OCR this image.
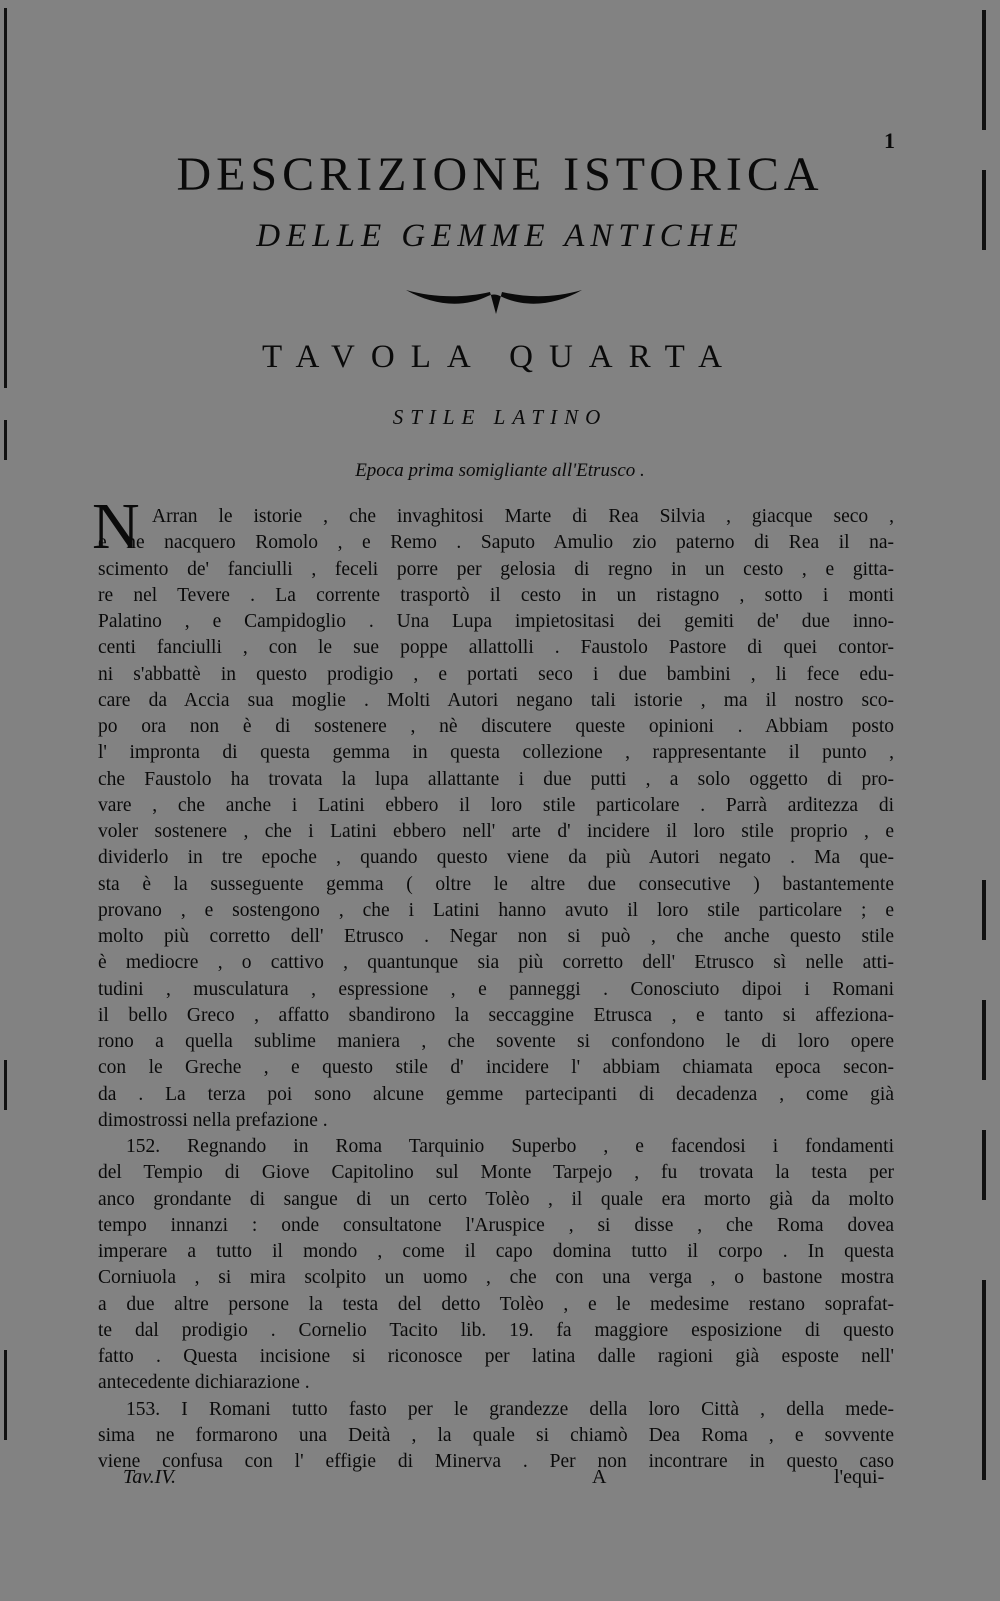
1
DESCRIZIONE ISTORICA
DELLE GEMME ANTICHE
TAVOLA QUARTA
STILE LATINO
Epoca prima somigliante all'Etrusco .
N Arran le istorie , che invaghitosi Marte di Rea Silvia , giacque seco ,
e ne nacquero Romolo , e Remo . Saputo Amulio zio paterno di Rea il na-
scimento de' fanciulli , feceli porre per gelosia di regno in un cesto , e gitta-
re nel Tevere . La corrente trasportò il cesto in un ristagno , sotto i monti
Palatino , e Campidoglio . Una Lupa impietositasi dei gemiti de' due inno-
centi fanciulli , con le sue poppe allattolli . Faustolo Pastore di quei contor-
ni s'abbattè in questo prodigio , e portati seco i due bambini , li fece edu-
care da Accia sua moglie . Molti Autori negano tali istorie , ma il nostro sco-
po ora non è di sostenere , nè discutere queste opinioni . Abbiam posto
l' impronta di questa gemma in questa collezione , rappresentante il punto ,
che Faustolo ha trovata la lupa allattante i due putti , a solo oggetto di pro-
vare , che anche i Latini ebbero il loro stile particolare . Parrà arditezza di
voler sostenere , che i Latini ebbero nell' arte d' incidere il loro stile proprio , e
dividerlo in tre epoche , quando questo viene da più Autori negato . Ma que-
sta è la susseguente gemma ( oltre le altre due consecutive ) bastantemente
provano , e sostengono , che i Latini hanno avuto il loro stile particolare ; e
molto più corretto dell' Etrusco . Negar non si può , che anche questo stile
è mediocre , o cattivo , quantunque sia più corretto dell' Etrusco sì nelle atti-
tudini , musculatura , espressione , e panneggi . Conosciuto dipoi i Romani
il bello Greco , affatto sbandirono la seccaggine Etrusca , e tanto si affeziona-
rono a quella sublime maniera , che sovente si confondono le di loro opere
con le Greche , e questo stile d' incidere l' abbiam chiamata epoca secon-
da . La terza poi sono alcune gemme partecipanti di decadenza , come già
dimostrossi nella prefazione .
152. Regnando in Roma Tarquinio Superbo , e facendosi i fondamenti
del Tempio di Giove Capitolino sul Monte Tarpejo , fu trovata la testa per
anco grondante di sangue di un certo Tolèo , il quale era morto già da molto
tempo innanzi : onde consultatone l'Aruspice , si disse , che Roma dovea
imperare a tutto il mondo , come il capo domina tutto il corpo . In questa
Corniuola , si mira scolpito un uomo , che con una verga , o bastone mostra
a due altre persone la testa del detto Tolèo , e le medesime restano soprafat-
te dal prodigio . Cornelio Tacito lib. 19. fa maggiore esposizione di questo
fatto . Questa incisione si riconosce per latina dalle ragioni già esposte nell'
antecedente dichiarazione .
153. I Romani tutto fasto per le grandezze della loro Città , della mede-
sima ne formarono una Deità , la quale si chiamò Dea Roma , e sovvente
viene confusa con l' effigie di Minerva . Per non incontrare in questo caso
Tav.IV.	A	l'equi-
